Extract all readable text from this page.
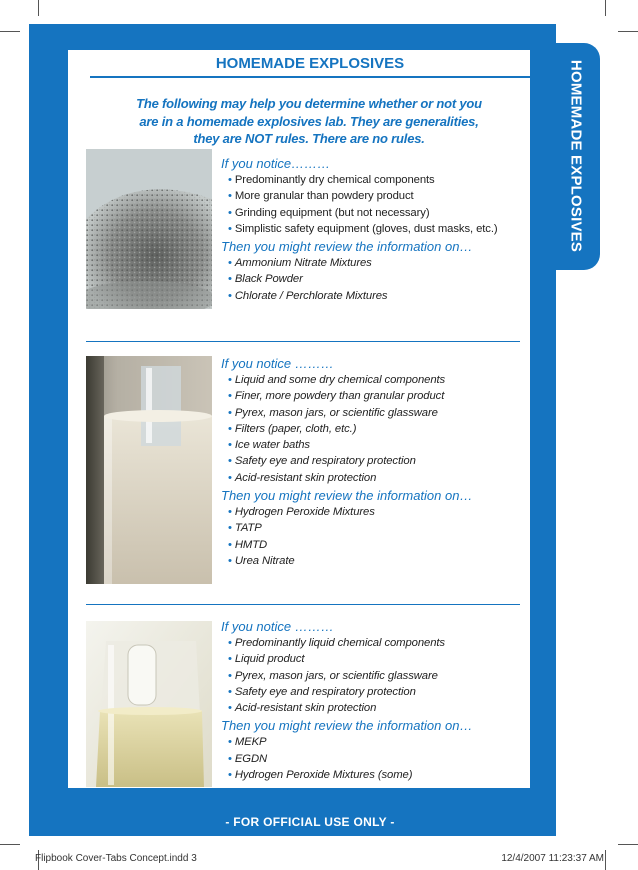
HOMEMADE EXPLOSIVES
HOMEMADE EXPLOSIVES
The following may help you determine whether or not you
are in a homemade explosives lab. They are generalities,
they are NOT rules. There are no rules.
If you notice………
• Predominantly dry chemical components
• More granular than powdery product
• Grinding equipment (but not necessary)
• Simplistic safety equipment (gloves, dust masks, etc.)
Then you might review the information on…
• Ammonium Nitrate Mixtures
• Black Powder
• Chlorate / Perchlorate Mixtures
If you notice ………
• Liquid and some dry chemical components
• Finer, more powdery than granular product
• Pyrex, mason jars, or scientific glassware
• Filters (paper, cloth, etc.)
• Ice water baths
• Safety eye and respiratory protection
• Acid-resistant skin protection
Then you might review the information on…
• Hydrogen Peroxide Mixtures
• TATP
• HMTD
• Urea Nitrate
If you notice ………
• Predominantly liquid chemical components
• Liquid product
• Pyrex, mason jars, or scientific glassware
• Safety eye and respiratory protection
• Acid-resistant skin protection
Then you might review the information on…
• MEKP
• EGDN
• Hydrogen Peroxide Mixtures (some)
- FOR OFFICIAL USE ONLY -
Flipbook Cover-Tabs Concept.indd 3	12/4/2007 11:23:37 AM
